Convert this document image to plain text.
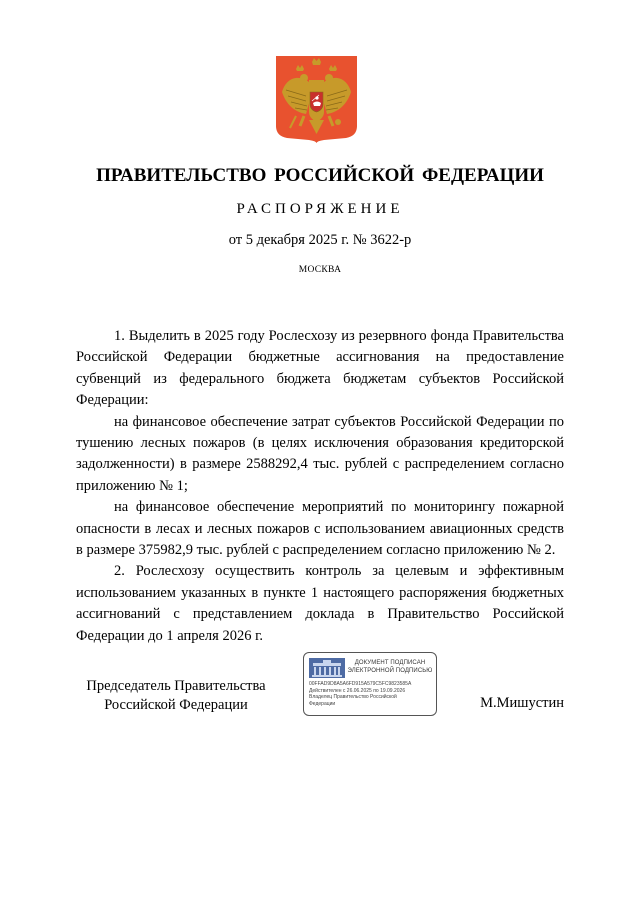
ПРАВИТЕЛЬСТВО РОССИЙСКОЙ ФЕДЕРАЦИИ
РАСПОРЯЖЕНИЕ
от 5 декабря 2025 г. № 3622-р
МОСКВА

1. Выделить в 2025 году Рослесхозу из резервного фонда Правительства Российской Федерации бюджетные ассигнования на предоставление субвенций из федерального бюджета бюджетам субъектов Российской Федерации:

на финансовое обеспечение затрат субъектов Российской Федерации по тушению лесных пожаров (в целях исключения образования кредиторской задолженности) в размере 2588292,4 тыс. рублей с распределением согласно приложению № 1;

на финансовое обеспечение мероприятий по мониторингу пожарной опасности в лесах и лесных пожаров с использованием авиационных средств в размере 375982,9 тыс. рублей с распределением согласно приложению № 2.

2. Рослесхозу осуществить контроль за целевым и эффективным использованием указанных в пункте 1 настоящего распоряжения бюджетных ассигнований с представлением доклада в Правительство Российской Федерации до 1 апреля 2026 г.

Председатель Правительства
Российской Федерации
ДОКУМЕНТ ПОДПИСАН
ЭЛЕКТРОННОЙ ПОДПИСЬЮ
00FFAD9D8A5A6FD915A579C5FC9823585A
Действителен с 26.06.2025 по 19.09.2026
Владелец Правительство Российской
Федерации	М.Мишустин
